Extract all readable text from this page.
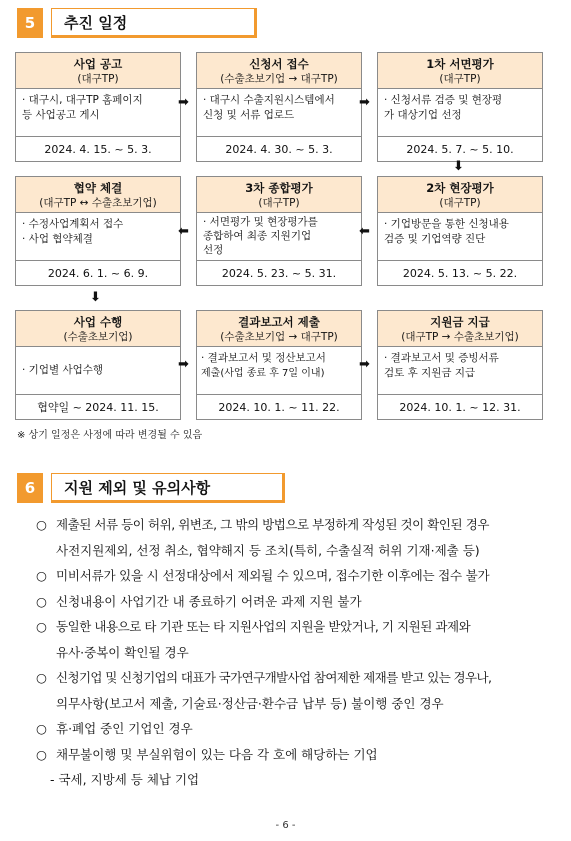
5	추진 일정
사업 공고
(대구TP)
· 대구시, 대구TP 홈페이지
등 사업공고 게시
2024. 4. 15. ~ 5. 3.
➡
신청서 접수
(수출초보기업 → 대구TP)
· 대구시 수출지원시스템에서
신청 및 서류 업로드
2024. 4. 30. ~ 5. 3.
➡
1차 서면평가
(대구TP)
· 신청서류 검증 및 현장평
가 대상기업 선정
2024. 5. 7. ~ 5. 10.
⬇
협약 체결
(대구TP ↔ 수출초보기업)
· 수정사업계획서 접수
· 사업 협약체결
2024. 6. 1. ~ 6. 9.
⬅
3차 종합평가
(대구TP)
· 서면평가 및 현장평가를
종합하여 최종 지원기업
선정
2024. 5. 23. ~ 5. 31.
⬅
2차 현장평가
(대구TP)
· 기업방문을 통한 신청내용
검증 및 기업역량 진단
2024. 5. 13. ~ 5. 22.
⬇
사업 수행
(수출초보기업)
· 기업별 사업수행
협약일 ~ 2024. 11. 15.
➡
결과보고서 제출
(수출초보기업 → 대구TP)
· 결과보고서 및 정산보고서
제출(사업 종료 후 7일 이내)
2024. 10. 1. ~ 11. 22.
➡
지원금 지급
(대구TP → 수출초보기업)
· 결과보고서 및 증빙서류
검토 후 지원금 지급
2024. 10. 1. ~ 12. 31.
※ 상기 일정은 사정에 따라 변경될 수 있음
6	지원 제외 및 유의사항
○ 제출된 서류 등이 허위, 위변조, 그 밖의 방법으로 부정하게 작성된 것이 확인된 경우
사전지원제외, 선정 취소, 협약해지 등 조치(특히, 수출실적 허위 기재·제출 등)
○ 미비서류가 있을 시 선정대상에서 제외될 수 있으며, 접수기한 이후에는 접수 불가
○ 신청내용이 사업기간 내 종료하기 어려운 과제 지원 불가
○ 동일한 내용으로 타 기관 또는 타 지원사업의 지원을 받았거나, 기 지원된 과제와
유사·중복이 확인될 경우
○ 신청기업 및 신청기업의 대표가 국가연구개발사업 참여제한 제재를 받고 있는 경우나,
의무사항(보고서 제출, 기술료·정산금·환수금 납부 등) 불이행 중인 경우
○ 휴·폐업 중인 기업인 경우
○ 채무불이행 및 부실위험이 있는 다음 각 호에 해당하는 기업
- 국세, 지방세 등 체납 기업
- 6 -
